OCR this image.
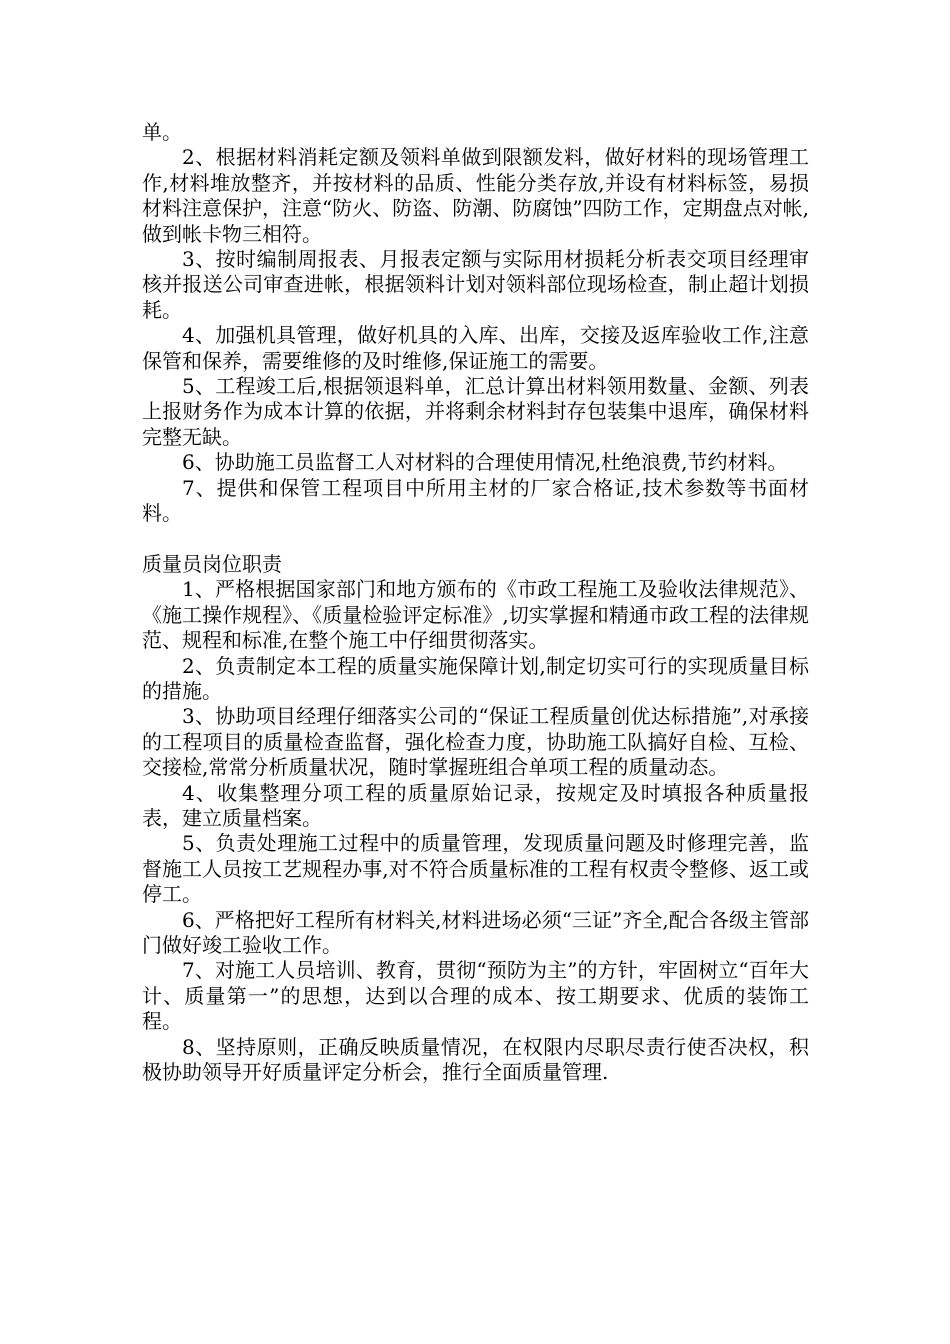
单。

2、根据材料消耗定额及领料单做到限额发料，做好材料的现场管理工作,材料堆放整齐，并按材料的品质、性能分类存放,并设有材料标签，易损材料注意保护，注意“防火、防盗、防潮、防腐蚀”四防工作，定期盘点对帐,做到帐卡物三相符。

3、按时编制周报表、月报表定额与实际用材损耗分析表交项目经理审核并报送公司审查进帐，根据领料计划对领料部位现场检查，制止超计划损耗。

4、加强机具管理，做好机具的入库、出库，交接及返库验收工作,注意保管和保养，需要维修的及时维修,保证施工的需要。

5、工程竣工后,根据领退料单，汇总计算出材料领用数量、金额、列表上报财务作为成本计算的依据，并将剩余材料封存包装集中退库，确保材料完整无缺。

6、协助施工员监督工人对材料的合理使用情况,杜绝浪费,节约材料。

7、提供和保管工程项目中所用主材的厂家合格证,技术参数等书面材料。

质量员岗位职责

1、严格根据国家部门和地方颁布的《市政工程施工及验收法律规范》、《施工操作规程》、《质量检验评定标准》,切实掌握和精通市政工程的法律规范、规程和标准,在整个施工中仔细贯彻落实。

2、负责制定本工程的质量实施保障计划,制定切实可行的实现质量目标的措施。

3、协助项目经理仔细落实公司的“保证工程质量创优达标措施”,对承接的工程项目的质量检查监督，强化检查力度，协助施工队搞好自检、互检、交接检,常常分析质量状况，随时掌握班组合单项工程的质量动态。

4、收集整理分项工程的质量原始记录，按规定及时填报各种质量报表，建立质量档案。

5、负责处理施工过程中的质量管理，发现质量问题及时修理完善，监督施工人员按工艺规程办事,对不符合质量标准的工程有权责令整修、返工或停工。

6、严格把好工程所有材料关,材料进场必须“三证”齐全,配合各级主管部门做好竣工验收工作。

7、对施工人员培训、教育，贯彻“预防为主”的方针，牢固树立“百年大计、质量第一”的思想，达到以合理的成本、按工期要求、优质的装饰工程。

8、坚持原则，正确反映质量情况，在权限内尽职尽责行使否决权，积极协助领导开好质量评定分析会，推行全面质量管理.
